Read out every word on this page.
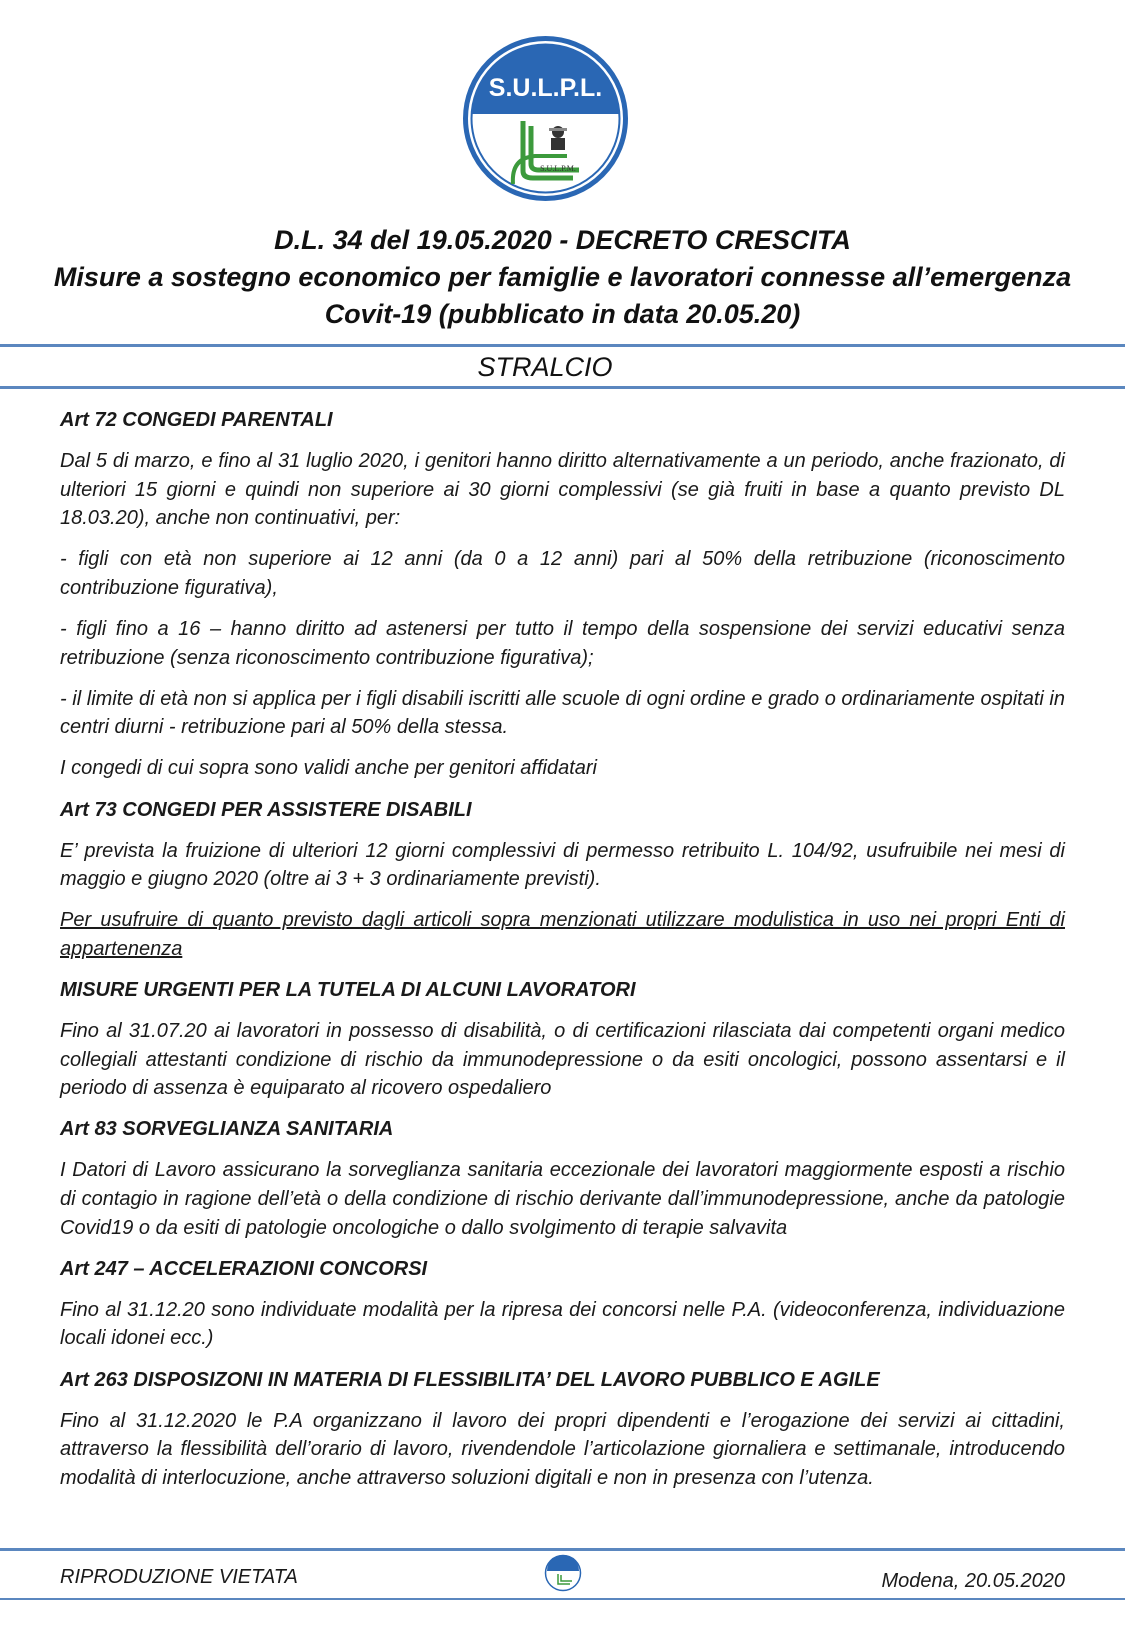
S.U.L.P.L.
S.U.L.P.M.
D.L. 34 del 19.05.2020 - DECRETO CRESCITA
Misure a sostegno economico per famiglie e lavoratori connesse all’emergenza
Covit-19 (pubblicato in data 20.05.20)
STRALCIO

Art 72 CONGEDI PARENTALI

Dal 5 di marzo, e fino al 31 luglio 2020, i genitori hanno diritto alternativamente a un periodo, anche frazionato, di ulteriori 15 giorni e quindi non superiore ai 30 giorni complessivi (se già fruiti in base a quanto previsto DL 18.03.20), anche non continuativi, per:

- figli con età non superiore ai 12 anni (da 0 a 12 anni) pari al 50% della retribuzione (riconoscimento contribuzione figurativa),

- figli fino a 16 – hanno diritto ad astenersi per tutto il tempo della sospensione dei servizi educativi senza retribuzione (senza riconoscimento contribuzione figurativa);

- il limite di età non si applica per i figli disabili iscritti alle scuole di ogni ordine e grado o ordinariamente ospitati in centri diurni - retribuzione pari al 50% della stessa.

I congedi di cui sopra sono validi anche per genitori affidatari

Art 73 CONGEDI PER ASSISTERE DISABILI

E’ prevista la fruizione di ulteriori 12 giorni complessivi di permesso retribuito L. 104/92, usufruibile nei mesi di maggio e giugno 2020 (oltre ai 3 + 3 ordinariamente previsti).

Per usufruire di quanto previsto dagli articoli sopra menzionati utilizzare modulistica in uso nei propri Enti di appartenenza

MISURE URGENTI PER LA TUTELA DI ALCUNI LAVORATORI

Fino al 31.07.20 ai lavoratori in possesso di disabilità, o di certificazioni rilasciata dai competenti organi medico collegiali attestanti condizione di rischio da immunodepressione o da esiti oncologici, possono assentarsi e il periodo di assenza è equiparato al ricovero ospedaliero

Art 83 SORVEGLIANZA SANITARIA

I Datori di Lavoro assicurano la sorveglianza sanitaria eccezionale dei lavoratori maggiormente esposti a rischio di contagio in ragione dell’età o della condizione di rischio derivante dall’immunodepressione, anche da patologie Covid19 o da esiti di patologie oncologiche o dallo svolgimento di terapie salvavita

Art 247 – ACCELERAZIONI CONCORSI

Fino al 31.12.20 sono individuate modalità per la ripresa dei concorsi nelle P.A. (videoconferenza, individuazione locali idonei ecc.)

Art 263 DISPOSIZONI IN MATERIA DI FLESSIBILITA’ DEL LAVORO PUBBLICO E AGILE

Fino al 31.12.2020 le P.A organizzano il lavoro dei propri dipendenti e l’erogazione dei servizi ai cittadini, attraverso la flessibilità dell’orario di lavoro, rivendendole l’articolazione giornaliera e settimanale, introducendo modalità di interlocuzione, anche attraverso soluzioni digitali e non in presenza con l’utenza.

RIPRODUZIONE VIETATA	Modena, 20.05.2020
